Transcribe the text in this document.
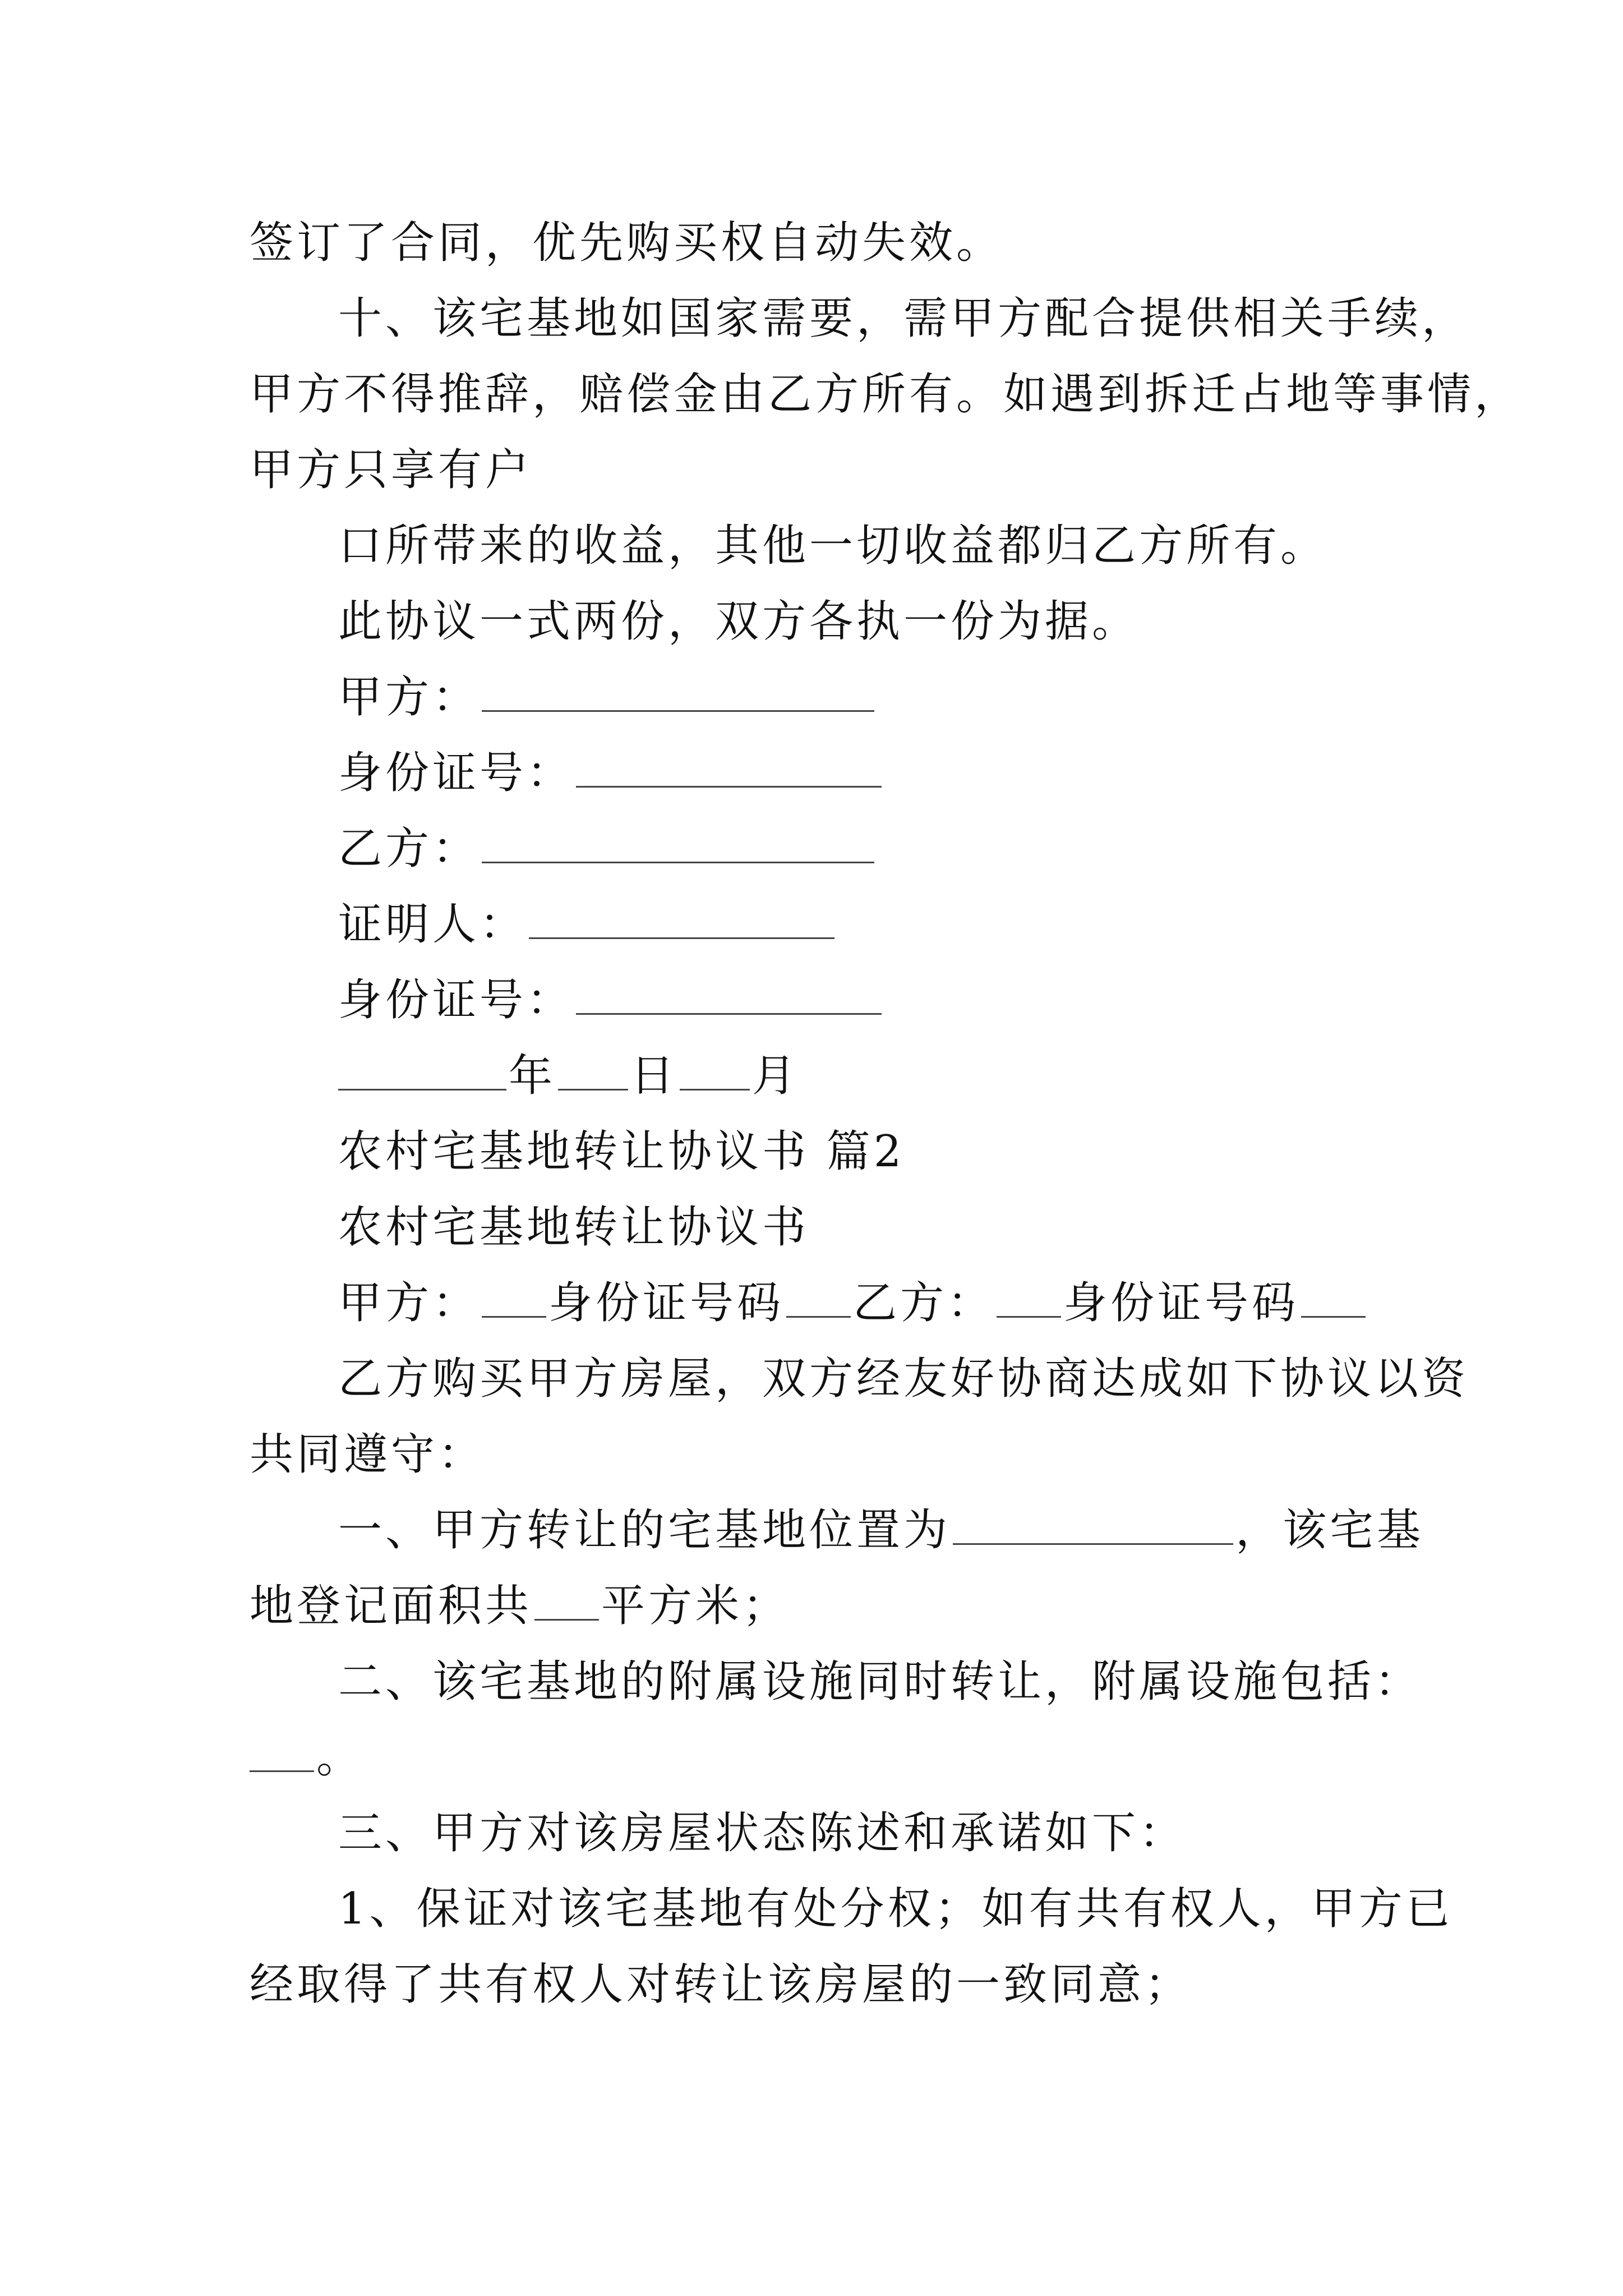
签订了合同，优先购买权自动失效。
十、该宅基地如国家需要，需甲方配合提供相关手续，
甲方不得推辞，赔偿金由乙方所有。如遇到拆迁占地等事情，
甲方只享有户
口所带来的收益，其他一切收益都归乙方所有。
此协议一式两份，双方各执一份为据。
甲方：
身份证号：
乙方：
证明人：
身份证号：
年 日 月
农村宅基地转让协议书 篇2
农村宅基地转让协议书
甲方： 身份证号码 乙方： 身份证号码
乙方购买甲方房屋，双方经友好协商达成如下协议以资
共同遵守：
一、甲方转让的宅基地位置为	，该宅基
地登记面积共 平方米；
二、该宅基地的附属设施同时转让，附属设施包括：
。
三、甲方对该房屋状态陈述和承诺如下：
1、保证对该宅基地有处分权；如有共有权人，甲方已
经取得了共有权人对转让该房屋的一致同意；
